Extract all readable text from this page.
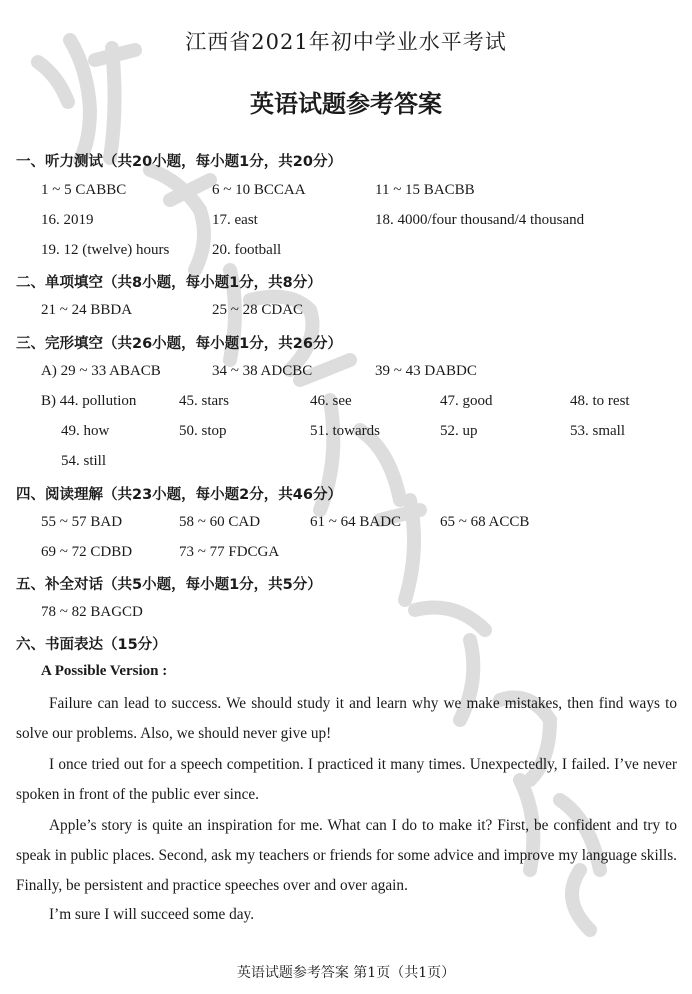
江西省2021年初中学业水平考试
英语试题参考答案
一、听力测试（共20小题，每小题1分，共20分）
1 ~ 5 CABBC	6 ~ 10 BCCAA	11 ~ 15 BACBB
16. 2019	17. east	18. 4000/four thousand/4 thousand
19. 12 (twelve) hours	20. football
二、单项填空（共8小题，每小题1分，共8分）
21 ~ 24 BBDA	25 ~ 28 CDAC
三、完形填空（共26小题，每小题1分，共26分）
A) 29 ~ 33 ABACB	34 ~ 38 ADCBC	39 ~ 43 DABDC
B) 44. pollution	45. stars	46. see	47. good	48. to rest
49. how	50. stop	51. towards	52. up	53. small
54. still
四、阅读理解（共23小题，每小题2分，共46分）
55 ~ 57 BAD	58 ~ 60 CAD	61 ~ 64 BADC	65 ~ 68 ACCB
69 ~ 72 CDBD	73 ~ 77 FDCGA
五、补全对话（共5小题，每小题1分，共5分）
78 ~ 82 BAGCD
六、书面表达（15分）
A Possible Version :
Failure can lead to success. We should study it and learn why we make mistakes, then find ways to solve our problems. Also, we should never give up!
I once tried out for a speech competition. I practiced it many times. Unexpectedly, I failed. I’ve never spoken in front of the public ever since.
Apple’s story is quite an inspiration for me. What can I do to make it? First, be confident and try to speak in public places. Second, ask my teachers or friends for some advice and improve my language skills. Finally, be persistent and practice speeches over and over again.
I’m sure I will succeed some day.
英语试题参考答案 第1页（共1页）
